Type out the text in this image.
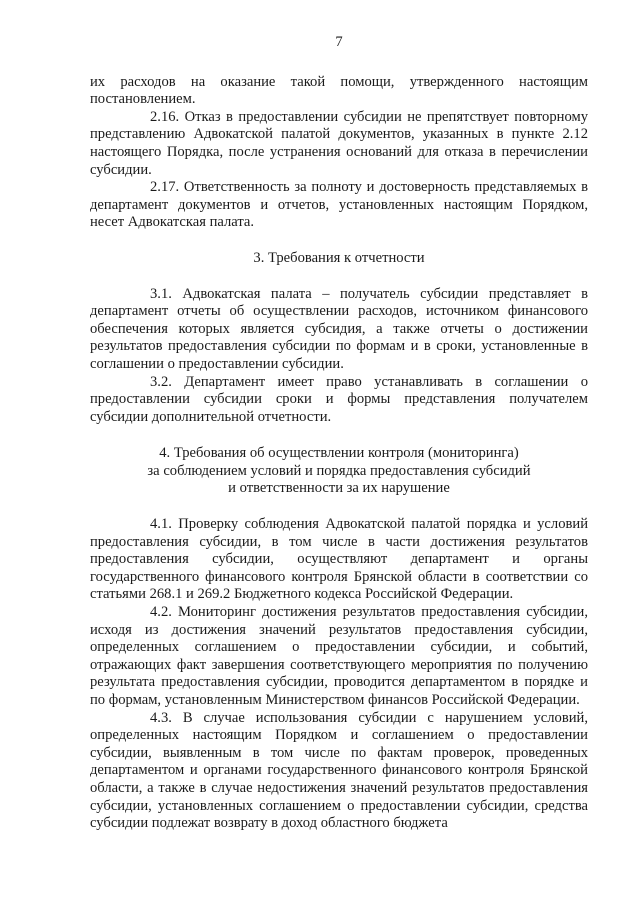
7

их расходов на оказание такой помощи, утвержденного настоящим постановлением.

2.16. Отказ в предоставлении субсидии не препятствует повторному представлению Адвокатской палатой документов, указанных в пункте 2.12 настоящего Порядка, после устранения оснований для отказа в перечислении субсидии.

2.17. Ответственность за полноту и достоверность представляемых в департамент документов и отчетов, установленных настоящим Порядком, несет Адвокатская палата.

3. Требования к отчетности

3.1. Адвокатская палата – получатель субсидии представляет в департамент отчеты об осуществлении расходов, источником финансового обеспечения которых является субсидия, а также отчеты о достижении результатов предоставления субсидии по формам и в сроки, установленные в соглашении о предоставлении субсидии.

3.2. Департамент имеет право устанавливать в соглашении о предоставлении субсидии сроки и формы представления получателем субсидии дополнительной отчетности.

4. Требования об осуществлении контроля (мониторинга)
за соблюдением условий и порядка предоставления субсидий
и ответственности за их нарушение

4.1. Проверку соблюдения Адвокатской палатой порядка и условий предоставления субсидии, в том числе в части достижения результатов предоставления субсидии, осуществляют департамент и органы государственного финансового контроля Брянской области в соответствии со статьями 268.1 и 269.2 Бюджетного кодекса Российской Федерации.

4.2. Мониторинг достижения результатов предоставления субсидии, исходя из достижения значений результатов предоставления субсидии, определенных соглашением о предоставлении субсидии, и событий, отражающих факт завершения соответствующего мероприятия по получению результата предоставления субсидии, проводится департаментом в порядке и по формам, установленным Министерством финансов Российской Федерации.

4.3. В случае использования субсидии с нарушением условий, определенных настоящим Порядком и соглашением о предоставлении субсидии, выявленным в том числе по фактам проверок, проведенных департаментом и органами государственного финансового контроля Брянской области, а также в случае недостижения значений результатов предоставления субсидии, установленных соглашением о предоставлении субсидии, средства субсидии подлежат возврату в доход областного бюджета
